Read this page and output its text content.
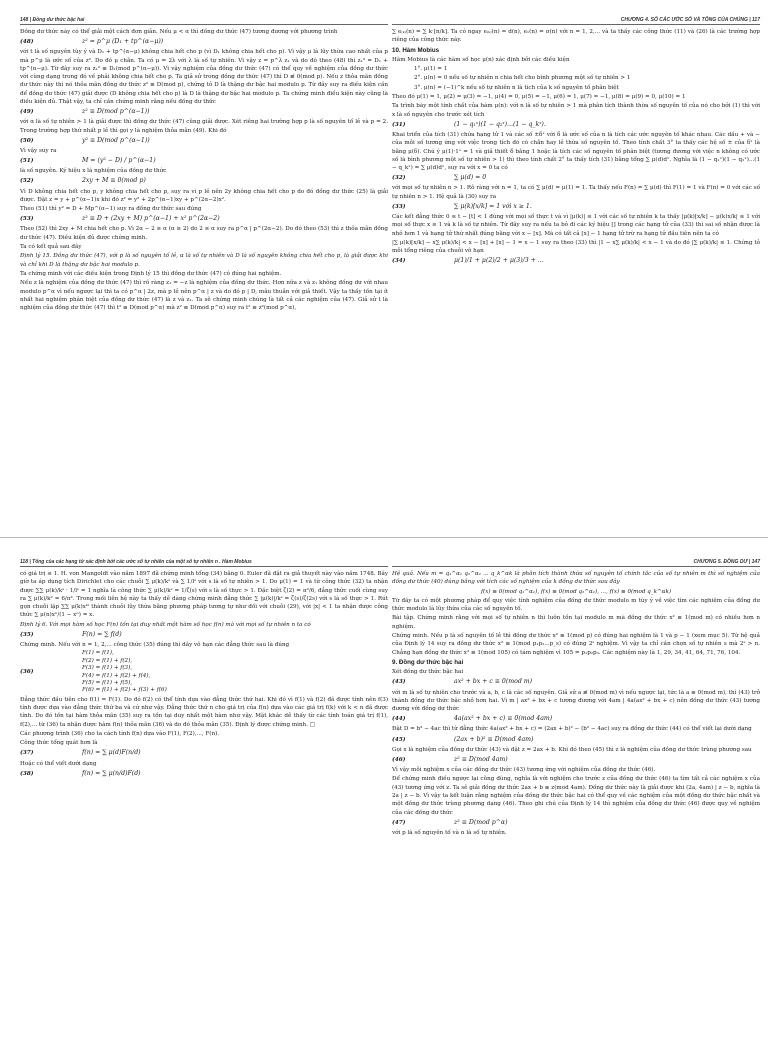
148 | Đồng dư thức bậc hai	CHƯƠNG 4. SỐ CÁC ƯỚC SỐ VÀ TỔNG CỦA CHÚNG | 117
118 | Tổng của các hạng tử xác định bởi các ước số tự nhiên của một số tự nhiên n . Hàm Mobius	CHƯƠNG 5. ĐỒNG DƯ | 147

Đồng dư thức này có thể giải một cách đơn giản. Nếu μ < α thì đồng dư thức (47) tương đương với phương trình

(48)	z² = p^μ (D₁ + tp^(α−μ))

với t là số nguyên tùy ý và D₁ + tp^(α−μ) không chia hết cho p (vì D₁ không chia hết cho p). Vì vậy μ là lũy thừa cao nhất của p mà p^μ là ước số của z². Do đó μ chẵn. Ta có μ = 2λ với λ là số tự nhiên. Vì vậy z = p^λ z₁ và do đó theo (48) thì z₁² = D₁ + tp^(α−μ). Từ đây suy ra z₁² ≡ D₁(mod p^(α−μ)). Vì vậy nghiệm của đồng dư thức (47) có thể quy về nghiệm của đồng dư thức với cùng dạng trong đó về phải không chia hết cho p. Ta giả sử trong đồng dư thức (47) thì D ≢ 0(mod p). Nếu z thỏa mãn đồng dư thức này thì nó thỏa mãn đồng dư thức z² ≡ D(mod p), chứng tỏ D là thặng dư bậc hai modulo p. Từ đây suy ra điều kiện cần để đồng dư thức (47) giải được (D không chia hết cho p) là D là thặng dư bậc hai modulo p. Ta chứng minh điều kiện này cũng là điều kiện đủ. Thật vậy, ta chỉ cần chứng minh rằng nếu đồng dư thức

(49)	z² ≡ D(mod p^(α−1))

với α là số tự nhiên > 1 là giải được thì đồng dư thức (47) cũng giải được. Xét riêng hai trường hợp p là số nguyên tố lẻ và p = 2. Trong trường hợp thứ nhất p lẻ thì gọi y là nghiệm thỏa mãn (49). Khi đó

(50)	y² ≡ D(mod p^(α−1))

Vì vậy suy ra

(51)	M = (y² − D) / p^(α−1)

là số nguyên. Ký hiệu x là nghiệm của đồng dư thức

(52)	2xy + M ≡ 0(mod p)

Vì D không chia hết cho p, y không chia hết cho p, suy ra vì p lẻ nên 2y không chia hết cho p do đó đồng dư thức (25) là giải được. Đặt z = y + p^(α−1)x khi đó z² = y² + 2p^(α−1)xy + p^(2α−2)x².

Theo (51) thì y² = D + Mp^(α−1) suy ra đồng dư thức sau đúng

(53)	z² ≡ D + (2xy + M) p^(α−1) + x² p^(2α−2)

Theo (52) thì 2xy + M chia hết cho p. Vì 2α − 2 ≥ α (α ≥ 2) do 2 ≤ α suy ra p^α | p^(2α−2). Do đó theo (53) thì z thỏa mãn đồng dư thức (47). Điều kiện đủ được chứng minh.

Ta có kết quả sau đây

Định lý 15. Đồng dư thức (47), với p là số nguyên tố lẻ, α là số tự nhiên và D là số nguyên không chia hết cho p, là giải được khi và chỉ khi D là thặng dư bậc hai modulo p.

Ta chứng minh với các điều kiện trong Định lý 15 thì đồng dư thức (47) có đúng hai nghiệm.

Nếu z là nghiệm của đồng dư thức (47) thì rõ ràng z₁ = −z là nghiệm của đồng dư thức. Hơn nữa z và z₁ không đồng dư với nhau modulo p^α vì nếu ngược lại thì ta có p^α | 2z, mà p lẻ nên p^α | z và do đó p | D, mâu thuẫn với giả thiết. Vậy ta thấy tồn tại ít nhất hai nghiệm phân biệt của đồng dư thức (47) là z và z₁. Ta sẽ chứng minh chúng là tất cả các nghiệm của (47). Giả sử t là nghiệm của đồng dư thức (47) thì t² ≡ D(mod p^α) mà z² ≡ D(mod p^α) suy ra t² ≡ z²(mod p^α),

∑ e₍ₖ₎(n) = ∑ k·[n/k]. Ta có ngay e₍ₖ₎(n) = d(n), e₁(n) = σ(n) với n = 1, 2,... và ta thấy các công thức (11) và (26) là các trường hợp riêng của công thức này.

10. Hàm Mobius

Hàm Mobius là các hàm số học μ(n) xác định bởi các điều kiện

1°. μ(1) = 1

2°. μ(n) = 0 nếu số tự nhiên n chia hết cho bình phương một số tự nhiên > 1

3°. μ(n) = (−1)^k nếu số tự nhiên n là tích của k số nguyên tố phân biệt

Theo đó μ(1) = 1, μ(2) = μ(3) = −1, μ(4) = 0, μ(5) = −1, μ(6) = 1, μ(7) = −1, μ(8) = μ(9) = 0, μ(10) = 1

Ta trình bày một tính chất của hàm μ(n): với n là số tự nhiên > 1 mà phân tích thành thừa số nguyên tố của nó cho bởi (1) thì với x là số nguyên cho trước xét tích

(31)	(1 − q₁ˣ)(1 − q₂ˣ)...(1 − q_kˣ).

Khai triển của tích (31) chứa hạng tử 1 và các số ±δˣ với δ là ước số của n là tích các ước nguyên tố khác nhau. Các dấu + và − của mỗi số tương ứng với việc trong tích đó có chẵn hay lẻ thừa số nguyên tố. Theo tính chất 3° ta thấy các hệ số ± của δˣ là bằng μ(δ). Chú ý μ(1)·1ˣ = 1 và giả thiết δ bằng 1 hoặc là tích các số nguyên tố phân biệt (tương đương với việc n không có ước số là bình phương một số tự nhiên > 1) thì theo tính chất 2° ta thấy tích (31) bằng tổng ∑ μ(d)dˣ. Nghĩa là (1 − q₁ˣ)(1 − q₂ˣ)...(1 − q_kˣ) = ∑ μ(d)dˣ, suy ra với x = 0 ta có

(32)	∑ μ(d) = 0

với mọi số tự nhiên n > 1. Rõ ràng với n = 1, ta có ∑ μ(d) = μ(1) = 1. Ta thấy nếu F(n) = ∑ μ(d) thì F(1) = 1 và F(n) = 0 với các số tự nhiên n > 1. Hệ quả là (30) suy ra

(33)	∑ μ(k)[x/k] = 1 với x ≥ 1.

Các kết đẳng thức 0 ≤ t − [t] < 1 đúng với mọi số thực t và vì |μ(k)| ≤ 1 với các số tự nhiên k ta thấy |μ(k)[x/k] − μ(k)x/k| ≤ 1 với mọi số thực x ≥ 1 và k là số tự nhiên. Từ đây suy ra nếu ta bỏ đi các ký hiệu [] trong các hạng tử của (33) thì sai số nhận được là nhỏ hơn 1 và hạng tử thứ nhất đúng bằng với x − [x]. Mà có tất cả [x] − 1 hạng tử trừ ra hạng tử đầu tiên nên ta có

|∑ μ(k)[x/k] − x∑ μ(k)/k| < x − [x] + [x] − 1 = x − 1 suy ra theo (33) thì |1 − x∑ μ(k)/k| < x − 1 và do đó |∑ μ(k)/k| ≤ 1. Chứng tỏ mỗi tổng riêng của chuỗi vô hạn

(34)	μ(1)/1 + μ(2)/2 + μ(3)/3 + ...

có giá trị ≤ 1. H. von Mangoldt vào năm 1897 đã chứng minh tổng (34) bằng 0. Euler đã đặt ra giả thuyết này vào năm 1748. Bây giờ ta áp dụng tích Dirichlet cho các chuỗi ∑ μ(k)/kˢ và ∑ 1/lˢ với s là số tự nhiên > 1. Do μ(1) = 1 và từ công thức (32) ta nhận được ∑∑ μ(k)/kˢ · 1/lˢ = 1 nghĩa là công thức ∑ μ(k)/kˢ = 1/ζ(s) với s là số thực > 1. Đặc biệt ζ(2) = π²/6, đẳng thức cuối cùng suy ra ∑ μ(k)/k² = 6/π². Trong mối liên hệ này ta thấy dễ dàng chứng minh đẳng thức ∑ |μ(k)|/kˢ = ζ(s)/ζ(2s) với s là số thực > 1. Rút gọn chuỗi lặp ∑∑ μ(k)xᵏˡ thành chuỗi lũy thừa bằng phương pháp tương tự như đối với chuỗi (29), với |x| < 1 ta nhận được công thức ∑ μ(n)xⁿ/(1 − xⁿ) = x.

Định lý 6. Với mọi hàm số học F(n) tồn tại duy nhất một hàm số học f(n) mà với mọi số tự nhiên n ta có

(35)	F(n) = ∑ f(d)

Chứng minh. Nếu với n = 1, 2,... công thức (35) đúng thì dãy vô hạn các đẳng thức sau là đúng

(36)
F(1) = f(1),
F(2) = f(1) + f(2),
F(3) = f(1) + f(3),
F(4) = f(1) + f(2) + f(4),
F(5) = f(1) + f(5),
F(6) = f(1) + f(2) + f(3) + f(6)

Đẳng thức đầu tiên cho f(1) = F(1). Do đó f(2) có thể tính dựa vào đẳng thức thứ hai. Khi đó vì f(1) và f(2) đã được tính nên f(3) tính được dựa vào đẳng thức thứ ba và cứ như vậy. Đẳng thức thứ n cho giá trị của f(n) dựa vào các giá trị f(k) với k < n đã được tính. Do đó tồn tại hàm thỏa mãn (35) suy ra tồn tại duy nhất một hàm như vậy. Mặt khác dễ thấy từ các tính toán giá trị f(1), f(2),... từ (36) ta nhận được hàm f(n) thỏa mãn (36) và do đó thỏa mãn (35). Định lý được chứng minh. □

Các phương trình (36) cho ta cách tính f(n) dựa vào F(1), F(2),..., F(n).

Công thức tổng quát hơn là

(37)	f(n) = ∑ μ(d)F(n/d)

Hoặc có thể viết dưới dạng

(38)	f(n) = ∑ μ(n/d)F(d)

Hệ quả. Nếu m = q₁^α₁ q₂^α₂ ... q_k^αk là phân tích thành thừa số nguyên tố chính tắc của số tự nhiên m thì số nghiệm của đồng dư thức (40) đúng bằng với tích các số nghiệm của k đồng dư thức sau đây

f(x) ≡ 0(mod q₁^α₁), f(x) ≡ 0(mod q₂^α₂), ..., f(x) ≡ 0(mod q_k^αk)

Từ đây ta có một phương pháp để quy việc tính nghiệm của đồng dư thức modulo m tùy ý về việc tìm các nghiệm của đồng dư thức modulo là lũy thừa của các số nguyên tố.

Bài tập. Chứng minh rằng với mọi số tự nhiên n thì luôn tồn tại modulo m mà đồng dư thức x² ≡ 1(mod m) có nhiều hơn n nghiệm.

Chứng minh. Nếu p là số nguyên tố lẻ thì đồng dư thức x² ≡ 1(mod p) có đúng hai nghiệm là 1 và p − 1 (xem mục 5). Từ hệ quả của Định lý 14 suy ra đồng dư thức x² ≡ 1(mod p₁p₂...p_s) có đúng 2ˢ nghiệm. Vì vậy ta chỉ cần chọn số tự nhiên s mà 2ˢ > n. Chẳng hạn đồng dư thức x² ≡ 1(mod 105) có tám nghiệm vì 105 = p₁p₂p₃. Các nghiệm này là 1, 29, 34, 41, 64, 71, 76, 104.

9. Đồng dư thức bậc hai

Xét đồng dư thức bậc hai

(43)	ax² + bx + c ≡ 0(mod m)

với m là số tự nhiên cho trước và a, b, c là các số nguyên. Giả sử a ≢ 0(mod m) vì nếu ngược lại, tức là a ≡ 0(mod m), thì (43) trở thành đồng dư thức bậc nhỏ hơn hai. Vì m | ax² + bx + c tương đương với 4am | 4a(ax² + bx + c) nên đồng dư thức (43) tương đương với đồng dư thức

(44)	4a(ax² + bx + c) ≡ 0(mod 4am)

Đặt D = b² − 4ac thì từ đẳng thức 4a(ax² + bx + c) = (2ax + b)² − (b² − 4ac) suy ra đồng dư thức (44) có thể viết lại dưới dạng

(45)	(2ax + b)² ≡ D(mod 4am)

Gọi x là nghiệm của đồng dư thức (43) và đặt z = 2ax + b. Khi đó theo (45) thì z là nghiệm của đồng dư thức trùng phương sau

(46)	z² ≡ D(mod 4am)

Vì vậy mỗi nghiệm x của các đồng dư thức (43) tương ứng với nghiệm của đồng dư thức (46).

Để chứng minh điều ngược lại cũng đúng, nghĩa là với nghiệm cho trước z của đồng dư thức (46) ta tìm tất cả các nghiệm x của (43) tương ứng với z. Ta sẽ giải đồng dư thức 2ax + b ≡ z(mod 4am). Đồng dư thức này là giải được khi (2a, 4am) | z − b, nghĩa là 2a | z − b. Vì vậy ta kết luận rằng nghiệm của đồng dư thức bậc hai có thể quy về các nghiệm của một đồng dư thức bậc nhất và một đồng dư thức trùng phương dạng (46). Theo ghi chú của Định lý 14 thì nghiệm của đồng dư thức (46) được quy về nghiệm của các đồng dư thức

(47)	z² ≡ D(mod p^α)

với p là số nguyên tố và α là số tự nhiên.
